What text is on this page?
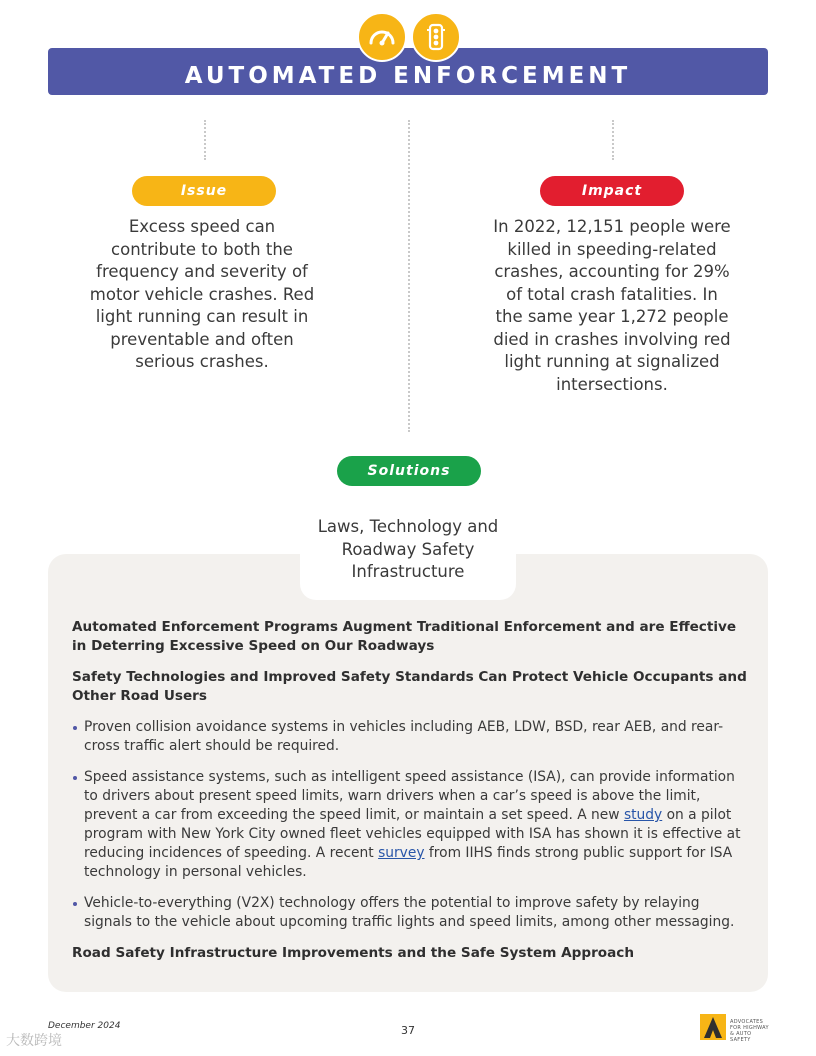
AUTOMATED ENFORCEMENT
Issue
Excess speed can contribute to both the frequency and severity of motor vehicle crashes. Red light running can result in preventable and often serious crashes.
Impact
In 2022, 12,151 people were killed in speeding-related crashes, accounting for 29% of total crash fatalities. In the same year 1,272 people died in crashes involving red light running at signalized intersections.
Solutions
Laws, Technology and Roadway Safety Infrastructure
Automated Enforcement Programs Augment Traditional Enforcement and are Effective in Deterring Excessive Speed on Our Roadways
Safety Technologies and Improved Safety Standards Can Protect Vehicle Occupants and Other Road Users
Proven collision avoidance systems in vehicles including AEB, LDW, BSD, rear AEB, and rear-cross traffic alert should be required.
Speed assistance systems, such as intelligent speed assistance (ISA), can provide information to drivers about present speed limits, warn drivers when a car’s speed is above the limit, prevent a car from exceeding the speed limit, or maintain a set speed. A new study on a pilot program with New York City owned fleet vehicles equipped with ISA has shown it is effective at reducing incidences of speeding. A recent survey from IIHS finds strong public support for ISA technology in personal vehicles.
Vehicle-to-everything (V2X) technology offers the potential to improve safety by relaying signals to the vehicle about upcoming traffic lights and speed limits, among other messaging.
Road Safety Infrastructure Improvements and the Safe System Approach
December 2024	37
ADVOCATES FOR HIGHWAY & AUTO SAFETY
大数跨境
